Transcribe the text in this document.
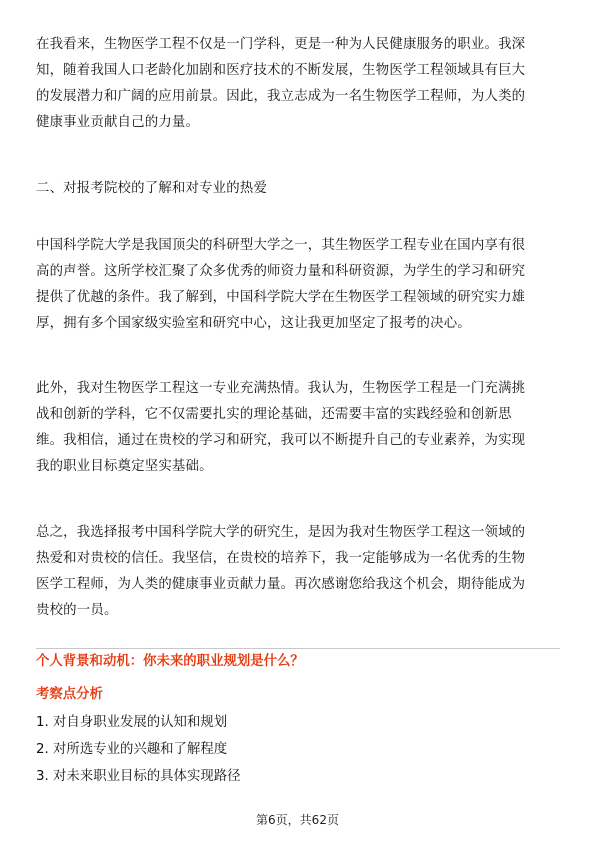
在我看来，生物医学工程不仅是一门学科，更是一种为人民健康服务的职业。我深
知，随着我国人口老龄化加剧和医疗技术的不断发展，生物医学工程领域具有巨大
的发展潜力和广阔的应用前景。因此，我立志成为一名生物医学工程师，为人类的
健康事业贡献自己的力量。
二、对报考院校的了解和对专业的热爱
中国科学院大学是我国顶尖的科研型大学之一，其生物医学工程专业在国内享有很
高的声誉。这所学校汇聚了众多优秀的师资力量和科研资源，为学生的学习和研究
提供了优越的条件。我了解到，中国科学院大学在生物医学工程领域的研究实力雄
厚，拥有多个国家级实验室和研究中心，这让我更加坚定了报考的决心。
此外，我对生物医学工程这一专业充满热情。我认为，生物医学工程是一门充满挑
战和创新的学科，它不仅需要扎实的理论基础，还需要丰富的实践经验和创新思
维。我相信，通过在贵校的学习和研究，我可以不断提升自己的专业素养，为实现
我的职业目标奠定坚实基础。
总之，我选择报考中国科学院大学的研究生，是因为我对生物医学工程这一领域的
热爱和对贵校的信任。我坚信，在贵校的培养下，我一定能够成为一名优秀的生物
医学工程师，为人类的健康事业贡献力量。再次感谢您给我这个机会，期待能成为
贵校的一员。
个人背景和动机：你未来的职业规划是什么？
考察点分析
1. 对自身职业发展的认知和规划
2. 对所选专业的兴趣和了解程度
3. 对未来职业目标的具体实现路径
第6页，共62页
